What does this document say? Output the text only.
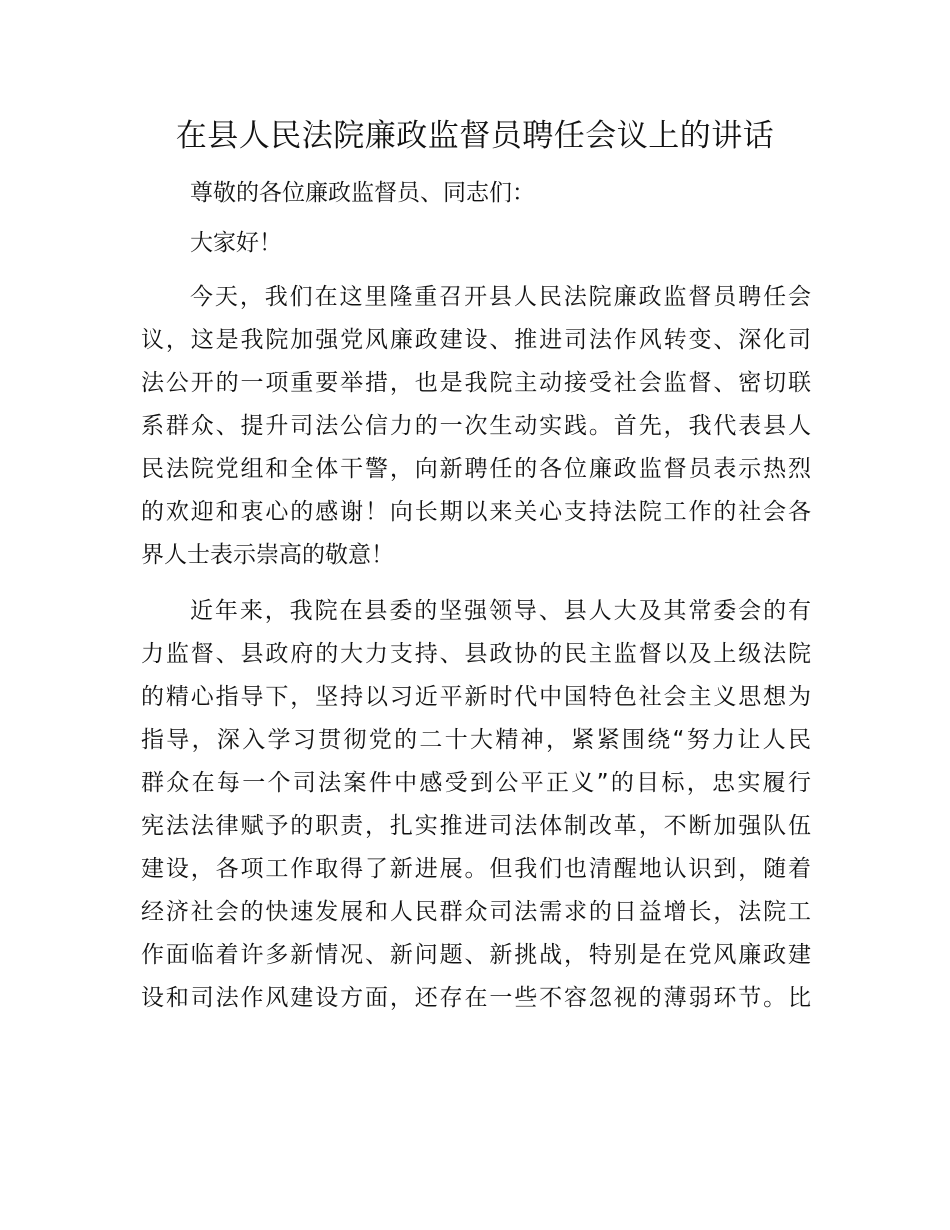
在县人民法院廉政监督员聘任会议上的讲话
尊敬的各位廉政监督员、同志们：
大家好！
今天，我们在这里隆重召开县人民法院廉政监督员聘任会
议，这是我院加强党风廉政建设、推进司法作风转变、深化司
法公开的一项重要举措，也是我院主动接受社会监督、密切联
系群众、提升司法公信力的一次生动实践。首先，我代表县人
民法院党组和全体干警，向新聘任的各位廉政监督员表示热烈
的欢迎和衷心的感谢！向长期以来关心支持法院工作的社会各
界人士表示崇高的敬意！
近年来，我院在县委的坚强领导、县人大及其常委会的有
力监督、县政府的大力支持、县政协的民主监督以及上级法院
的精心指导下，坚持以习近平新时代中国特色社会主义思想为
指导，深入学习贯彻党的二十大精神，紧紧围绕“努力让人民
群众在每一个司法案件中感受到公平正义”的目标，忠实履行
宪法法律赋予的职责，扎实推进司法体制改革，不断加强队伍
建设，各项工作取得了新进展。但我们也清醒地认识到，随着
经济社会的快速发展和人民群众司法需求的日益增长，法院工
作面临着许多新情况、新问题、新挑战，特别是在党风廉政建
设和司法作风建设方面，还存在一些不容忽视的薄弱环节。比
